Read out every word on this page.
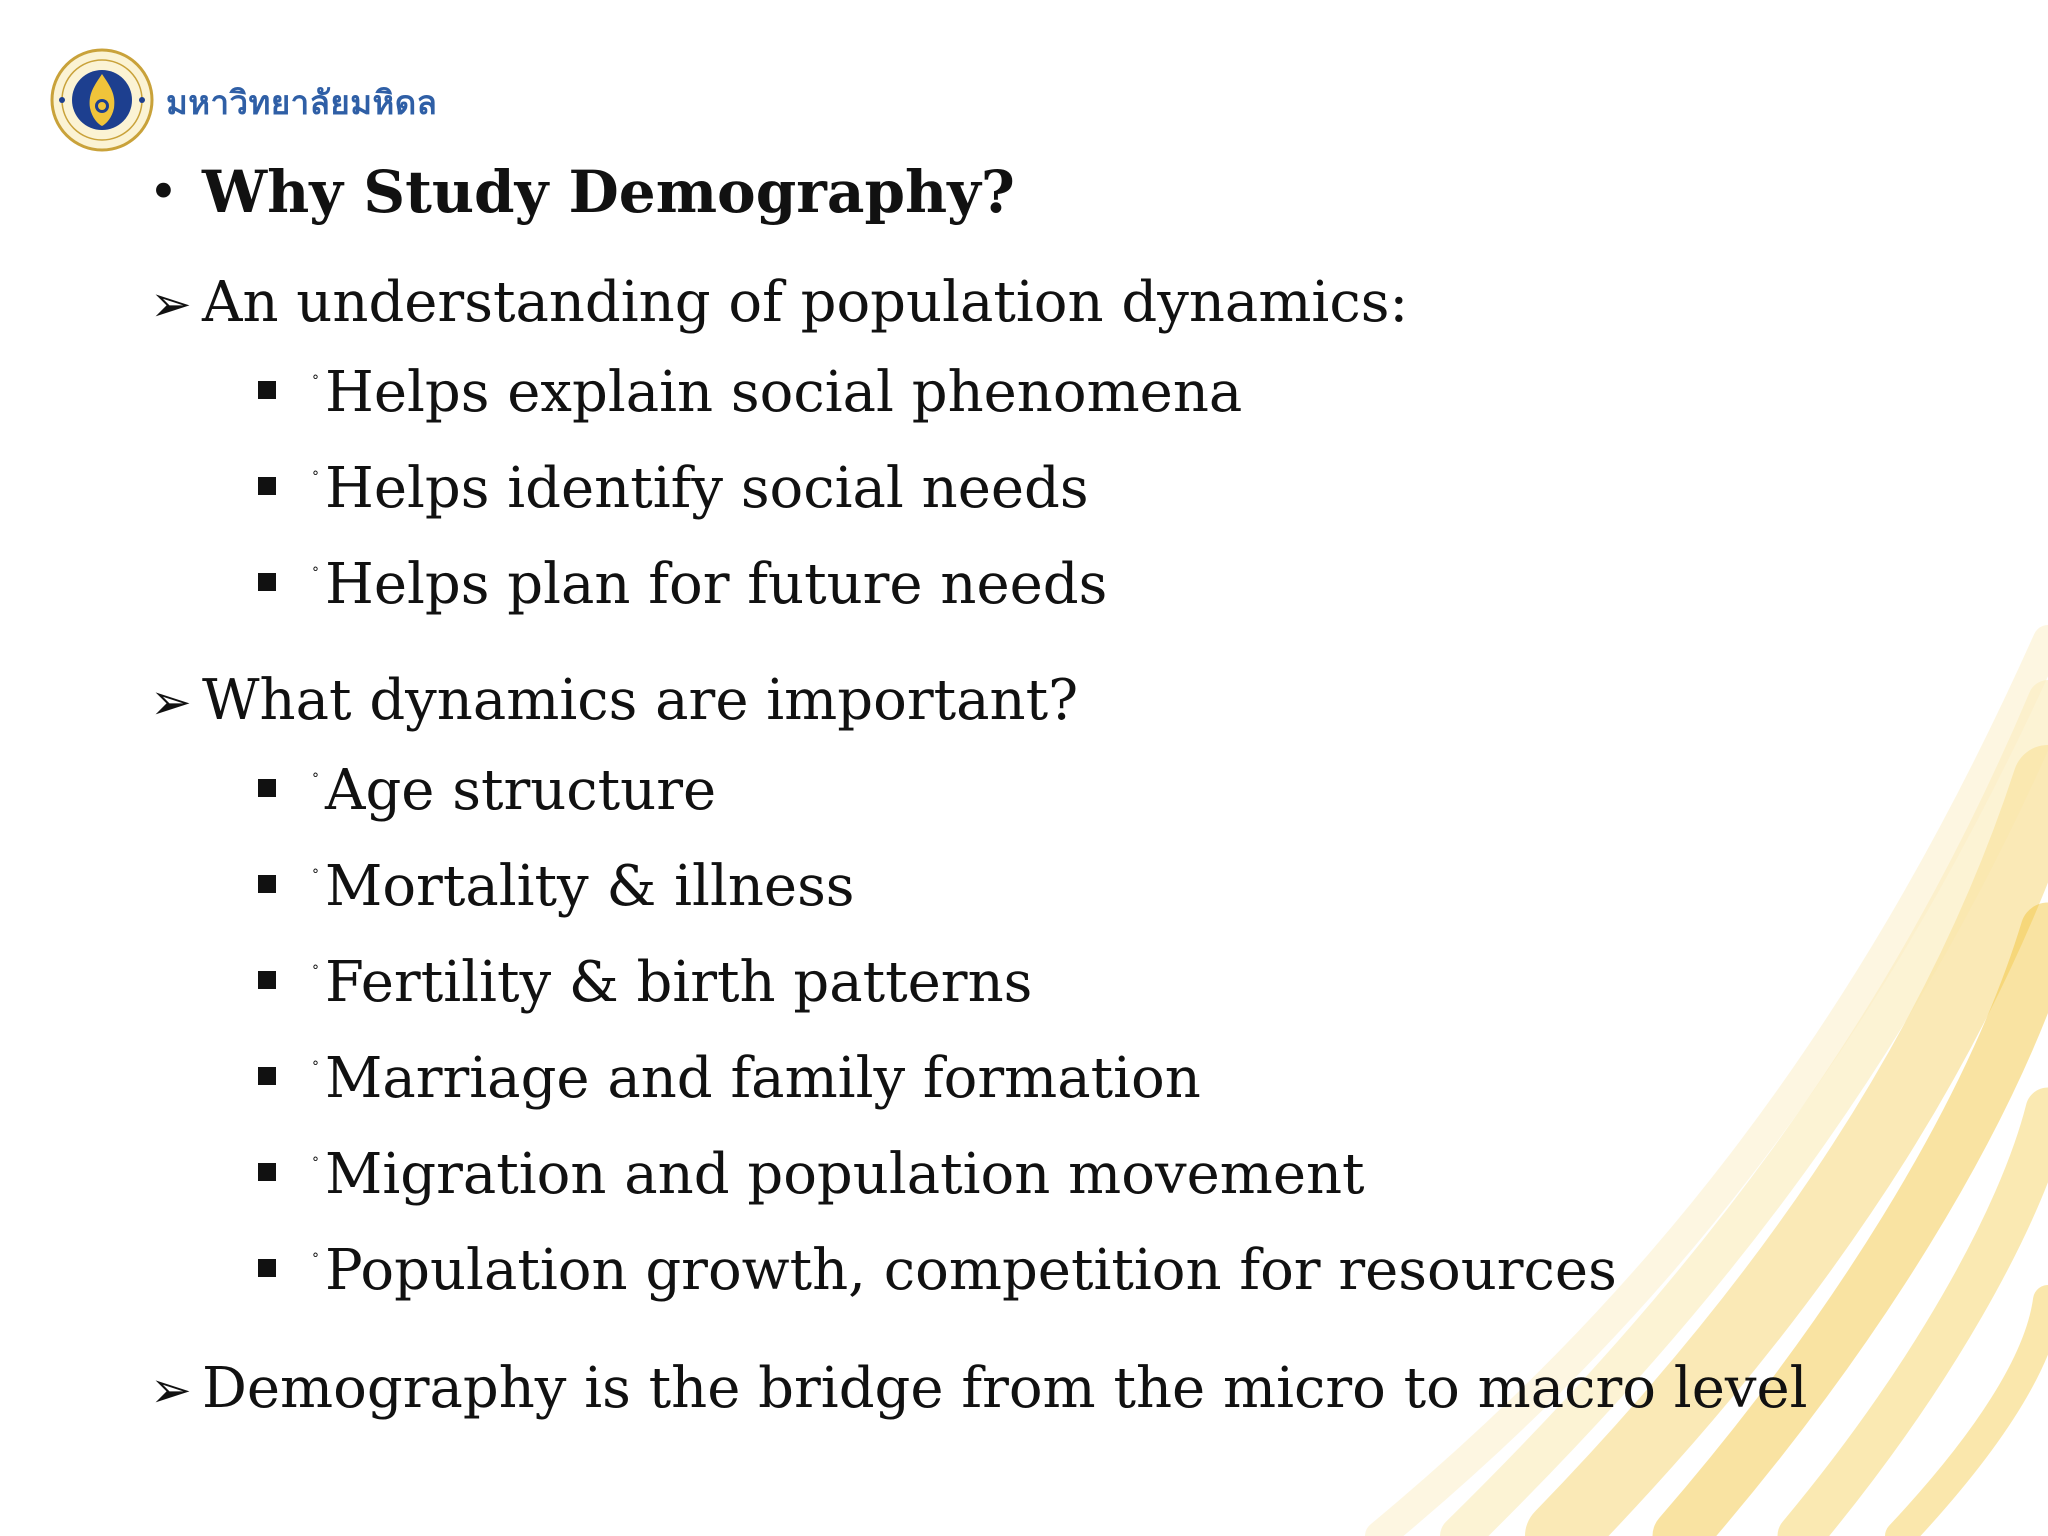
มหาวิทยาลัยมหิดล
• Why Study Demography?
➢ An understanding of population dynamics:
° Helps explain social phenomena
° Helps identify social needs
° Helps plan for future needs
➢ What dynamics are important?
° Age structure
° Mortality & illness
° Fertility & birth patterns
° Marriage and family formation
° Migration and population movement
° Population growth, competition for resources
➢ Demography is the bridge from the micro to macro level
